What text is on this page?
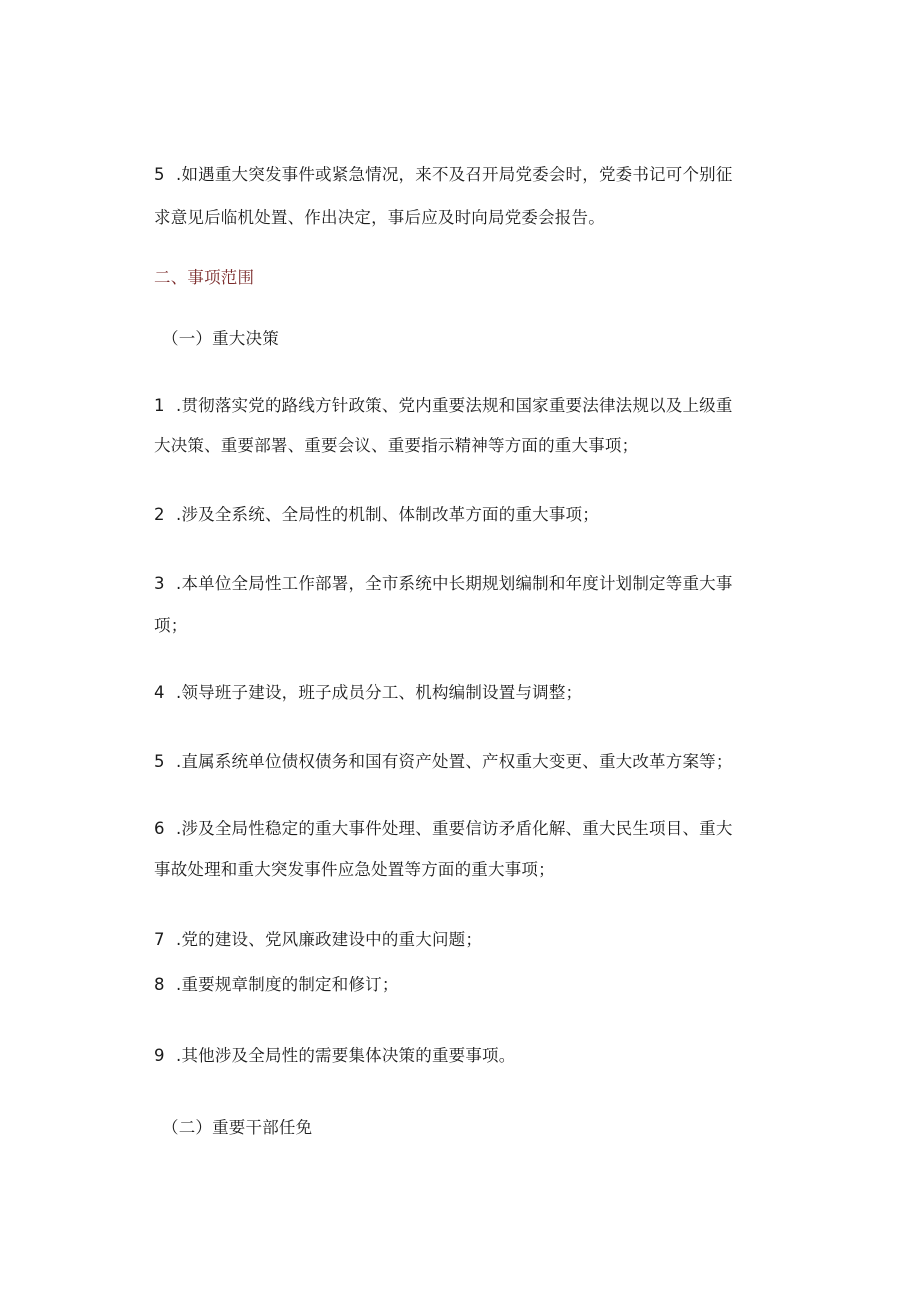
5 .如遇重大突发事件或紧急情况，来不及召开局党委会时，党委书记可个别征

求意见后临机处置、作出决定，事后应及时向局党委会报告。

二、事项范围

（一）重大决策

1 .贯彻落实党的路线方针政策、党内重要法规和国家重要法律法规以及上级重

大决策、重要部署、重要会议、重要指示精神等方面的重大事项；

2 .涉及全系统、全局性的机制、体制改革方面的重大事项；

3 .本单位全局性工作部署，全市系统中长期规划编制和年度计划制定等重大事

项；

4 .领导班子建设，班子成员分工、机构编制设置与调整；

5 .直属系统单位债权债务和国有资产处置、产权重大变更、重大改革方案等；

6 .涉及全局性稳定的重大事件处理、重要信访矛盾化解、重大民生项目、重大

事故处理和重大突发事件应急处置等方面的重大事项；

7 .党的建设、党风廉政建设中的重大问题；

8 .重要规章制度的制定和修订；

9 .其他涉及全局性的需要集体决策的重要事项。

（二）重要干部任免
